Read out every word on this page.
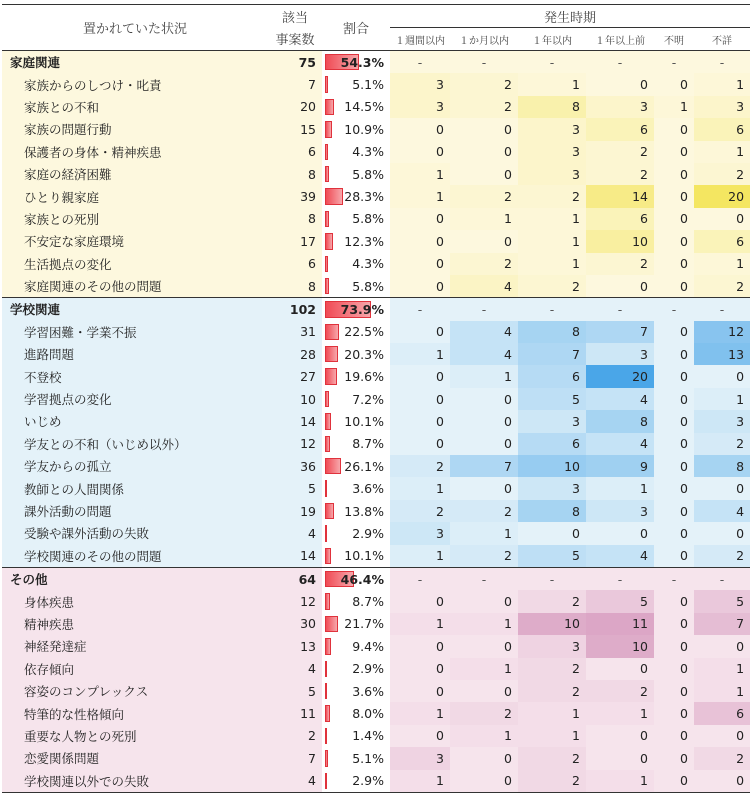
置かれていた状況	該当	割合	発生時期					
	事案数		１週間以内	１か月以内	１年以内	１年以上前	不明	不詳
家庭関連	75	54.3%	-	-	-	-	-	-
家族からのしつけ・叱責	7	5.1%	3	2	1	0	0	1
家族との不和	20	14.5%	3	2	8	3	1	3
家族の問題行動	15	10.9%	0	0	3	6	0	6
保護者の身体・精神疾患	6	4.3%	0	0	3	2	0	1
家庭の経済困難	8	5.8%	1	0	3	2	0	2
ひとり親家庭	39	28.3%	1	2	2	14	0	20
家族との死別	8	5.8%	0	1	1	6	0	0
不安定な家庭環境	17	12.3%	0	0	1	10	0	6
生活拠点の変化	6	4.3%	0	2	1	2	0	1
家庭関連のその他の問題	8	5.8%	0	4	2	0	0	2
学校関連	102	73.9%	-	-	-	-	-	-
学習困難・学業不振	31	22.5%	0	4	8	7	0	12
進路問題	28	20.3%	1	4	7	3	0	13
不登校	27	19.6%	0	1	6	20	0	0
学習拠点の変化	10	7.2%	0	0	5	4	0	1
いじめ	14	10.1%	0	0	3	8	0	3
学友との不和（いじめ以外）	12	8.7%	0	0	6	4	0	2
学友からの孤立	36	26.1%	2	7	10	9	0	8
教師との人間関係	5	3.6%	1	0	3	1	0	0
課外活動の問題	19	13.8%	2	2	8	3	0	4
受験や課外活動の失敗	4	2.9%	3	1	0	0	0	0
学校関連のその他の問題	14	10.1%	1	2	5	4	0	2
その他	64	46.4%	-	-	-	-	-	-
身体疾患	12	8.7%	0	0	2	5	0	5
精神疾患	30	21.7%	1	1	10	11	0	7
神経発達症	13	9.4%	0	0	3	10	0	0
依存傾向	4	2.9%	0	1	2	0	0	1
容姿のコンプレックス	5	3.6%	0	0	2	2	0	1
特筆的な性格傾向	11	8.0%	1	2	1	1	0	6
重要な人物との死別	2	1.4%	0	1	1	0	0	0
恋愛関係問題	7	5.1%	3	0	2	0	0	2
学校関連以外での失敗	4	2.9%	1	0	2	1	0	0
